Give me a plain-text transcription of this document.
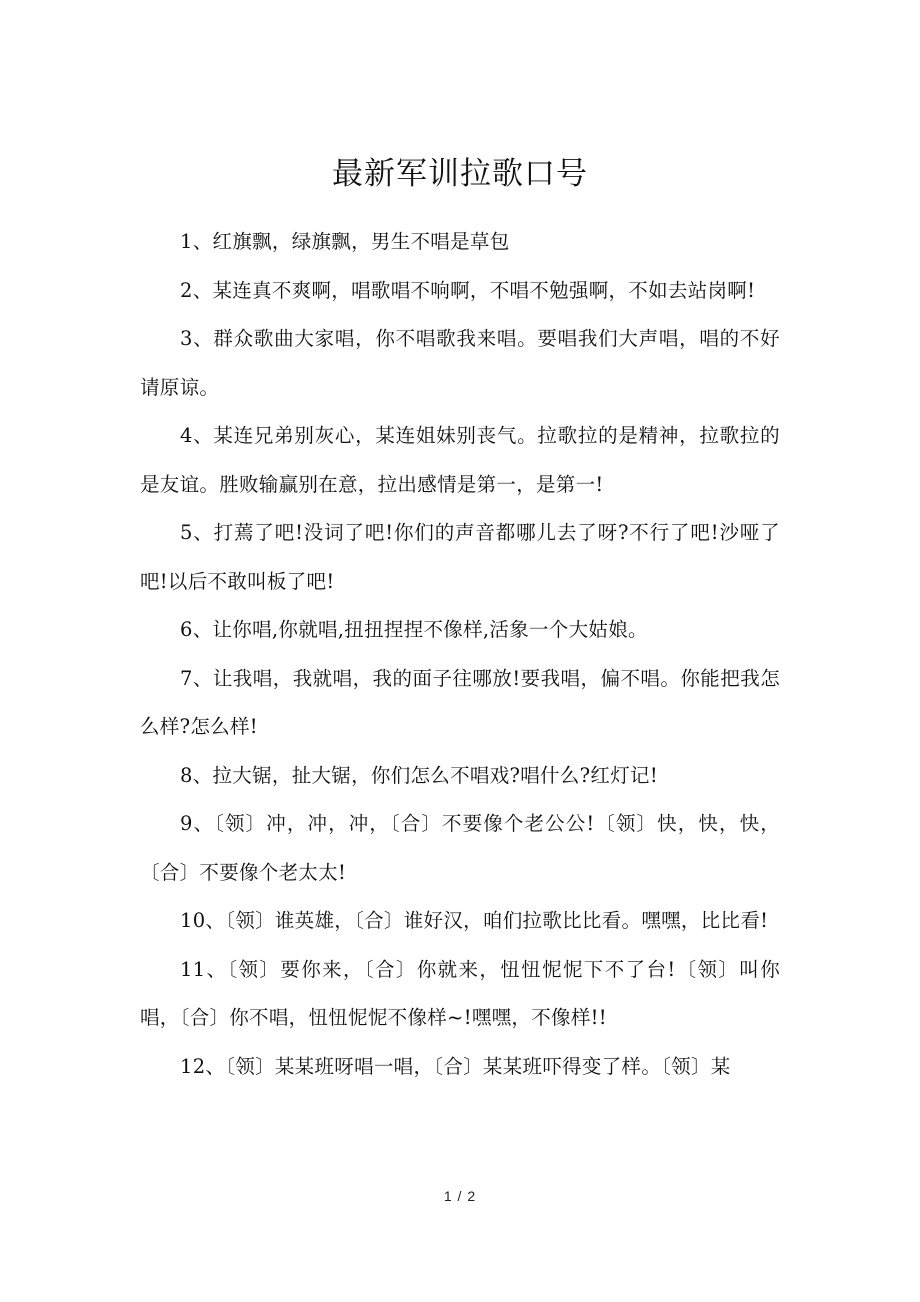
最新军训拉歌口号

1、红旗飘，绿旗飘，男生不唱是草包

2、某连真不爽啊，唱歌唱不响啊，不唱不勉强啊，不如去站岗啊!

3、群众歌曲大家唱，你不唱歌我来唱。要唱我们大声唱，唱的不好请原谅。

4、某连兄弟别灰心，某连姐妹别丧气。拉歌拉的是精神，拉歌拉的是友谊。胜败输赢别在意，拉出感情是第一，是第一!

5、打蔫了吧!没词了吧!你们的声音都哪儿去了呀?不行了吧!沙哑了吧!以后不敢叫板了吧!

6、让你唱,你就唱,扭扭捏捏不像样,活象一个大姑娘。

7、让我唱，我就唱，我的面子往哪放!要我唱，偏不唱。你能把我怎么样?怎么样!

8、拉大锯，扯大锯，你们怎么不唱戏?唱什么?红灯记!

9、〔领〕冲，冲，冲，〔合〕不要像个老公公!〔领〕快，快，快，〔合〕不要像个老太太!

10、〔领〕谁英雄，〔合〕谁好汉，咱们拉歌比比看。嘿嘿，比比看!

11、〔领〕要你来，〔合〕你就来，忸忸怩怩下不了台!〔领〕叫你唱，〔合〕你不唱，忸忸怩怩不像样~!嘿嘿，不像样!!

12、〔领〕某某班呀唱一唱，〔合〕某某班吓得变了样。〔领〕某

1 / 2
